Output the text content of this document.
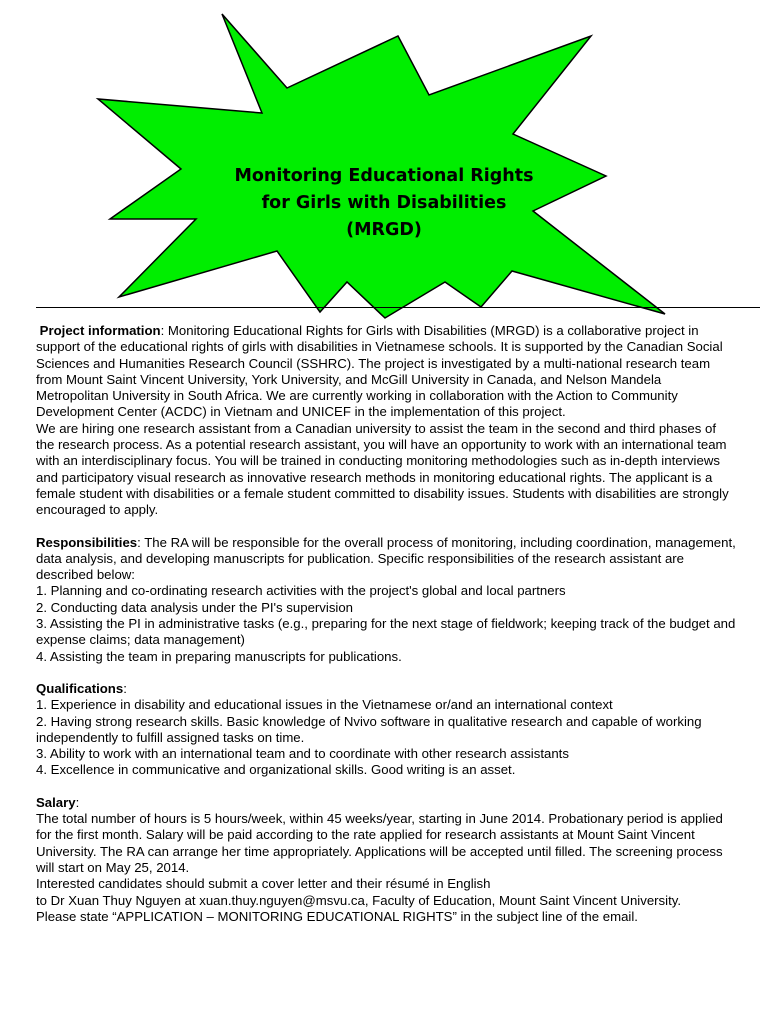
Monitoring Educational Rights
for Girls with Disabilities
(MRGD)

Project information: Monitoring Educational Rights for Girls with Disabilities (MRGD) is a collaborative project in support of the educational rights of girls with disabilities in Vietnamese schools. It is supported by the Canadian Social Sciences and Humanities Research Council (SSHRC). The project is investigated by a multi-national research team from Mount Saint Vincent University, York University, and McGill University in Canada, and Nelson Mandela Metropolitan University in South Africa. We are currently working in collaboration with the Action to Community Development Center (ACDC) in Vietnam and UNICEF in the implementation of this project.

We are hiring one research assistant from a Canadian university to assist the team in the second and third phases of the research process. As a potential research assistant, you will have an opportunity to work with an international team with an interdisciplinary focus. You will be trained in conducting monitoring methodologies such as in-depth interviews and participatory visual research as innovative research methods in monitoring educational rights. The applicant is a female student with disabilities or a female student committed to disability issues. Students with disabilities are strongly encouraged to apply.

Responsibilities: The RA will be responsible for the overall process of monitoring, including coordination, management, data analysis, and developing manuscripts for publication. Specific responsibilities of the research assistant are described below:

1. Planning and co-ordinating research activities with the project's global and local partners

2. Conducting data analysis under the PI's supervision

3. Assisting the PI in administrative tasks (e.g., preparing for the next stage of fieldwork; keeping track of the budget and expense claims; data management)

4. Assisting the team in preparing manuscripts for publications.

Qualifications:

1. Experience in disability and educational issues in the Vietnamese or/and an international context

2. Having strong research skills. Basic knowledge of Nvivo software in qualitative research and capable of working independently to fulfill assigned tasks on time.

3. Ability to work with an international team and to coordinate with other research assistants

4. Excellence in communicative and organizational skills. Good writing is an asset.

Salary:

The total number of hours is 5 hours/week, within 45 weeks/year, starting in June 2014. Probationary period is applied for the first month. Salary will be paid according to the rate applied for research assistants at Mount Saint Vincent University. The RA can arrange her time appropriately. Applications will be accepted until filled. The screening process will start on May 25, 2014.

Interested candidates should submit a cover letter and their résumé in English

to Dr Xuan Thuy Nguyen at xuan.thuy.nguyen@msvu.ca, Faculty of Education, Mount Saint Vincent University.

Please state “APPLICATION – MONITORING EDUCATIONAL RIGHTS” in the subject line of the email.
